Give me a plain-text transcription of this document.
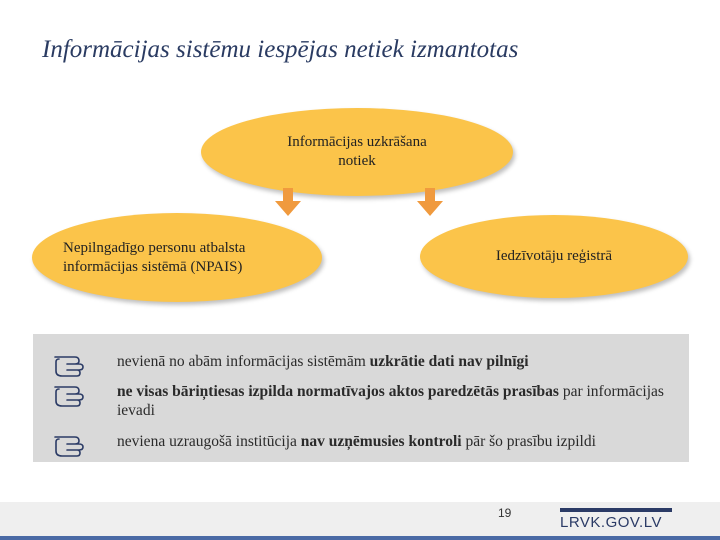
Informācijas sistēmu iespējas netiek izmantotas
Informācijas uzkrāšana
notiek
Nepilngadīgo personu atbalsta
informācijas sistēmā (NPAIS)
Iedzīvotāju reģistrā
nevienā no abām informācijas sistēmām uzkrātie dati nav pilnīgi
ne visas bāriņtiesas izpilda normatīvajos aktos paredzētās prasības par informācijas ievadi
neviena uzraugošā institūcija nav uzņēmusies kontroli pār šo prasību izpildi
19
LRVK.GOV.LV
